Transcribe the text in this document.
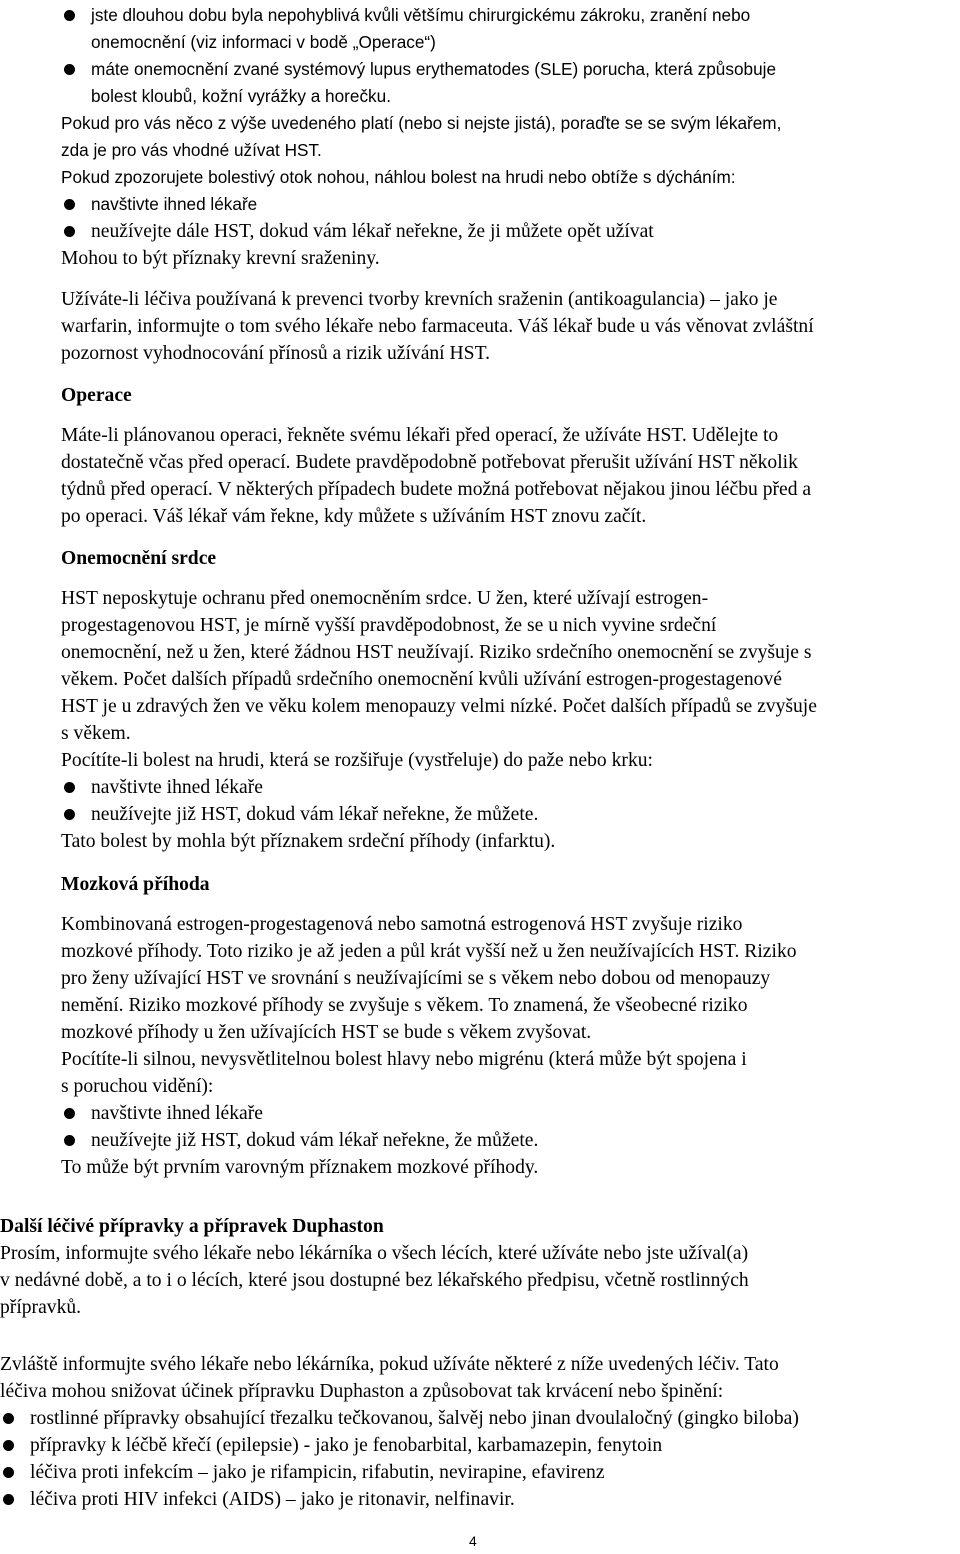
jste dlouhou dobu byla nepohyblivá kvůli většímu chirurgickému zákroku, zranění nebo
onemocnění (viz informaci v bodě „Operace“)
máte onemocnění zvané systémový lupus erythematodes (SLE) porucha, která způsobuje
bolest kloubů, kožní vyrážky a horečku.
Pokud pro vás něco z výše uvedeného platí (nebo si nejste jistá), poraďte se se svým lékařem,
zda je pro vás vhodné užívat HST.
Pokud zpozorujete bolestivý otok nohou, náhlou bolest na hrudi nebo obtíže s dýcháním:
navštivte ihned lékaře
neužívejte dále HST, dokud vám lékař neřekne, že ji můžete opět užívat
Mohou to být příznaky krevní sraženiny.
Užíváte-li léčiva používaná k prevenci tvorby krevních sraženin (antikoagulancia) – jako je
warfarin, informujte o tom svého lékaře nebo farmaceuta. Váš lékař bude u vás věnovat zvláštní
pozornost vyhodnocování přínosů a rizik užívání HST.
Operace
Máte-li plánovanou operaci, řekněte svému lékaři před operací, že užíváte HST. Udělejte to
dostatečně včas před operací. Budete pravděpodobně potřebovat přerušit užívání HST několik
týdnů před operací. V některých případech budete možná potřebovat nějakou jinou léčbu před a
po operaci. Váš lékař vám řekne, kdy můžete s užíváním HST znovu začít.
Onemocnění srdce
HST neposkytuje ochranu před onemocněním srdce. U žen, které užívají estrogen-
progestagenovou HST, je mírně vyšší pravděpodobnost, že se u nich vyvine srdeční
onemocnění, než u žen, které žádnou HST neužívají. Riziko srdečního onemocnění se zvyšuje s
věkem. Počet dalších případů srdečního onemocnění kvůli užívání estrogen-progestagenové
HST je u zdravých žen ve věku kolem menopauzy velmi nízké. Počet dalších případů se zvyšuje
s věkem.
Pocítíte-li bolest na hrudi, která se rozšiřuje (vystřeluje) do paže nebo krku:
navštivte ihned lékaře
neužívejte již HST, dokud vám lékař neřekne, že můžete.
Tato bolest by mohla být příznakem srdeční příhody (infarktu).
Mozková příhoda
Kombinovaná estrogen-progestagenová nebo samotná estrogenová HST zvyšuje riziko
mozkové příhody. Toto riziko je až jeden a půl krát vyšší než u žen neužívajících HST. Riziko
pro ženy užívající HST ve srovnání s neužívajícími se s věkem nebo dobou od menopauzy
nemění. Riziko mozkové příhody se zvyšuje s věkem. To znamená, že všeobecné riziko
mozkové příhody u žen užívajících HST se bude s věkem zvyšovat.
Pocítíte-li silnou, nevysvětlitelnou bolest hlavy nebo migrénu (která může být spojena i
s poruchou vidění):
navštivte ihned lékaře
neužívejte již HST, dokud vám lékař neřekne, že můžete.
To může být prvním varovným příznakem mozkové příhody.
Další léčivé přípravky a přípravek Duphaston
Prosím, informujte svého lékaře nebo lékárníka o všech lécích, které užíváte nebo jste užíval(a)
v nedávné době, a to i o lécích, které jsou dostupné bez lékařského předpisu, včetně rostlinných
přípravků.
Zvláště informujte svého lékaře nebo lékárníka, pokud užíváte některé z níže uvedených léčiv. Tato
léčiva mohou snižovat účinek přípravku Duphaston a způsobovat tak krvácení nebo špinění:
rostlinné přípravky obsahující třezalku tečkovanou, šalvěj nebo jinan dvoulaločný (gingko biloba)
přípravky k léčbě křečí (epilepsie) - jako je fenobarbital, karbamazepin, fenytoin
léčiva proti infekcím – jako je rifampicin, rifabutin, nevirapine, efavirenz
léčiva proti HIV infekci (AIDS) – jako je ritonavir, nelfinavir.
4
